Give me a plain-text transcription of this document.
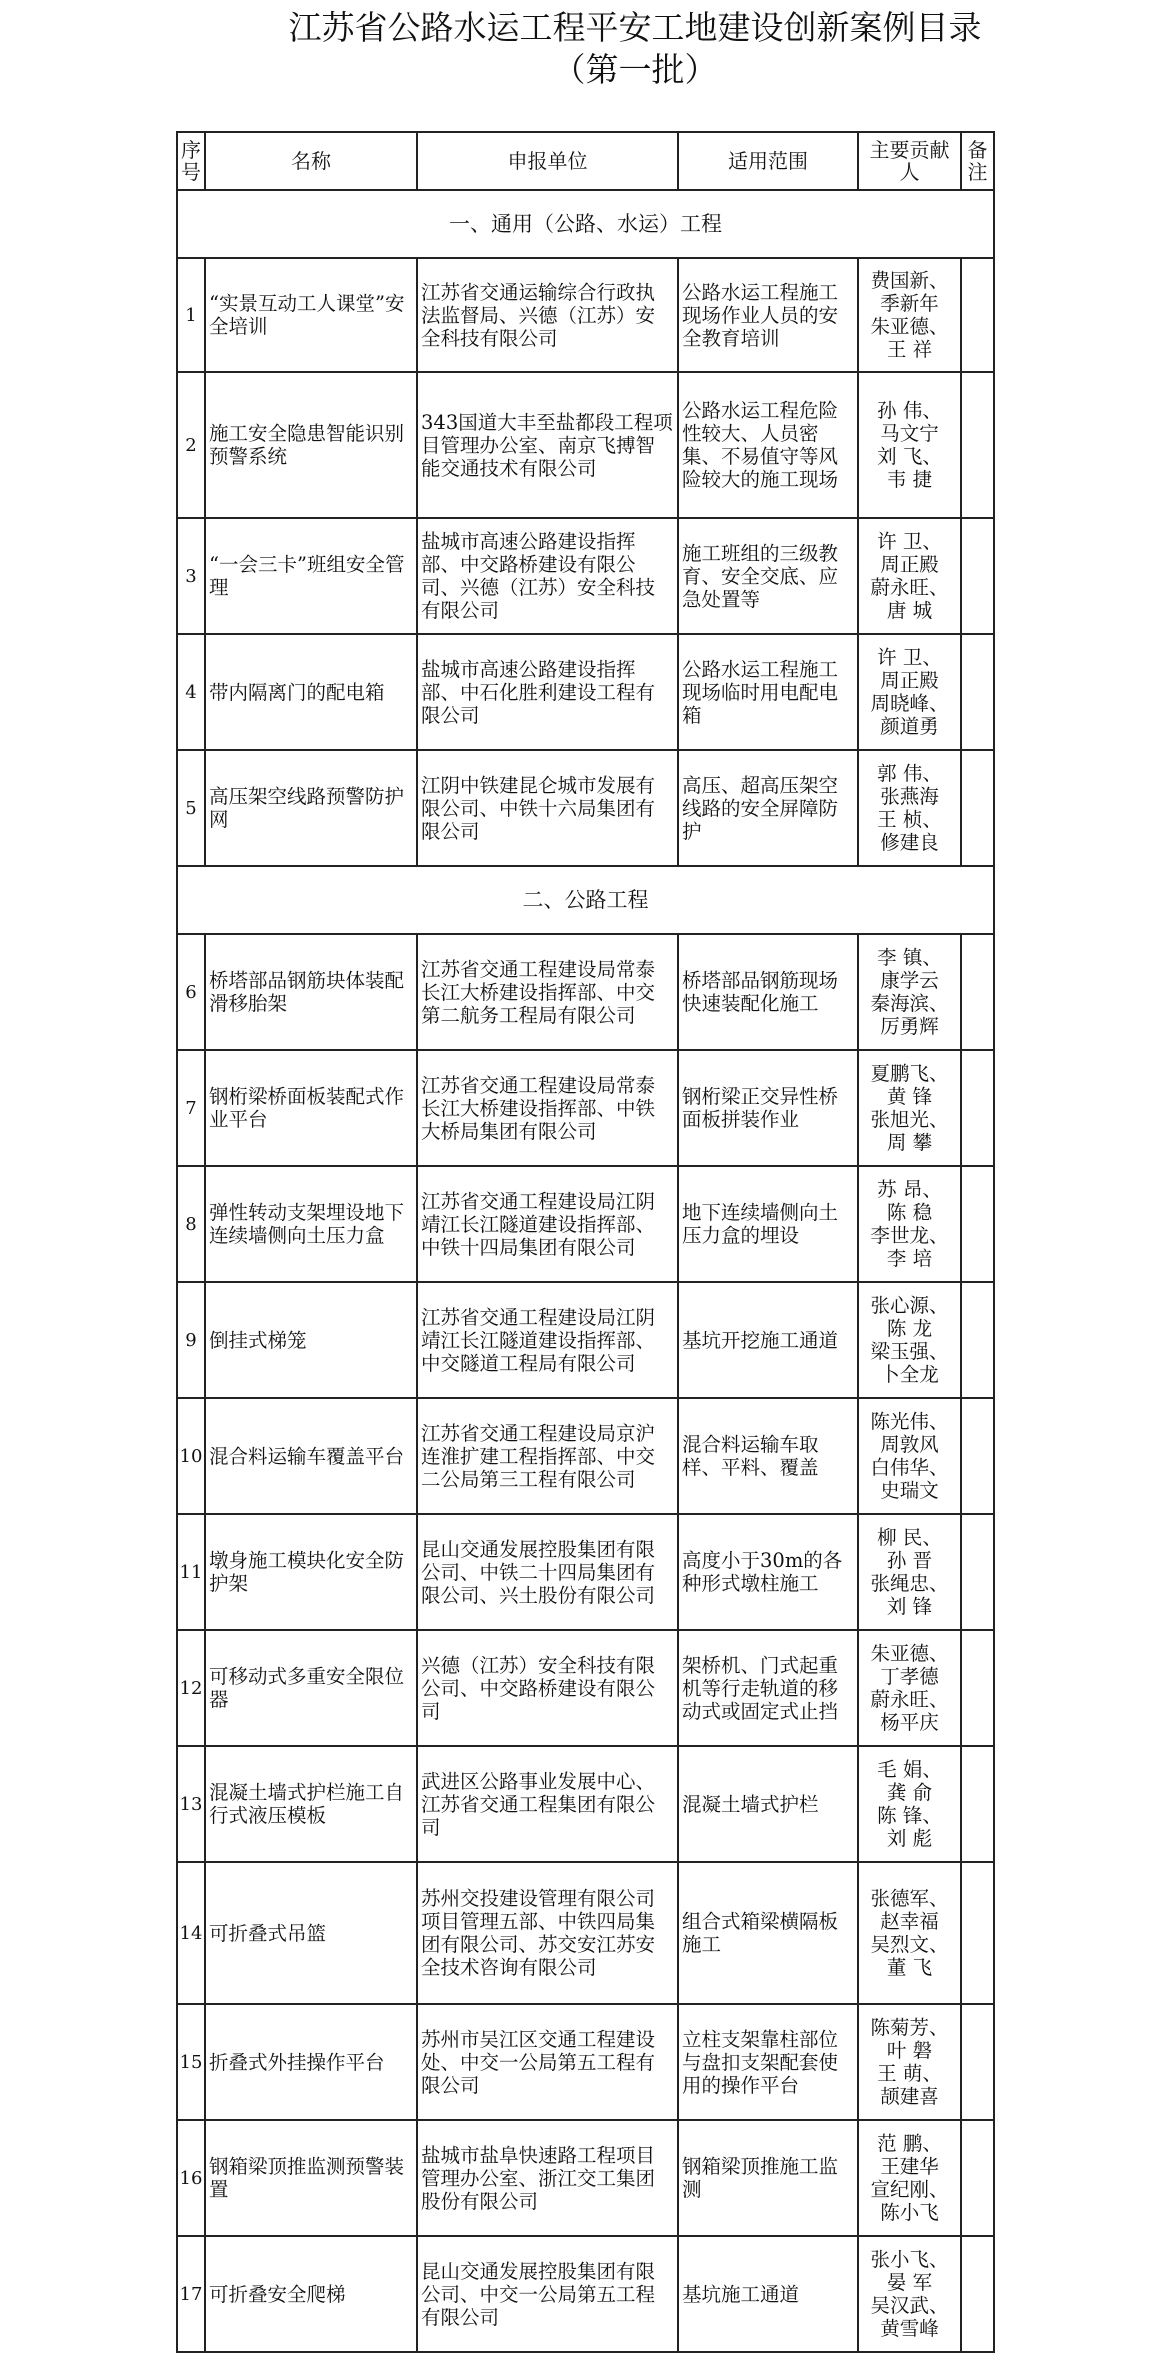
江苏省公路水运工程平安工地建设创新案例目录
（第一批）
序号	名称	申报单位	适用范围	主要贡献人	备注
一、通用（公路、水运）工程					
1	“实景互动工人课堂”安全培训	江苏省交通运输综合行政执法监督局、兴德（江苏）安全科技有限公司	公路水运工程施工现场作业人员的安全教育培训	费国新、
季新年
朱亚德、
王 祥	

2	施工安全隐患智能识别预警系统	343国道大丰至盐都段工程项目管理办公室、南京飞搏智能交通技术有限公司	公路水运工程危险性较大、人员密集、不易值守等风险较大的施工现场	孙 伟、
马文宁
刘 飞、
韦 捷	

3	“一会三卡”班组安全管理	盐城市高速公路建设指挥部、中交路桥建设有限公司、兴德（江苏）安全科技有限公司	施工班组的三级教育、安全交底、应急处置等	许 卫、
周正殿
蔚永旺、
唐 城	

4	带内隔离门的配电箱	盐城市高速公路建设指挥部、中石化胜利建设工程有限公司	公路水运工程施工现场临时用电配电箱	许 卫、
周正殿
周晓峰、
颜道勇	

5	高压架空线路预警防护网	江阴中铁建昆仑城市发展有限公司、中铁十六局集团有限公司	高压、超高压架空线路的安全屏障防护	郭 伟、
张燕海
王 桢、
修建良	

二、公路工程					
6	桥塔部品钢筋块体装配滑移胎架	江苏省交通工程建设局常泰长江大桥建设指挥部、中交第二航务工程局有限公司	桥塔部品钢筋现场快速装配化施工	李 镇、
康学云
秦海滨、
厉勇辉	

7	钢桁梁桥面板装配式作业平台	江苏省交通工程建设局常泰长江大桥建设指挥部、中铁大桥局集团有限公司	钢桁梁正交异性桥面板拼装作业	夏鹏飞、
黄 锋
张旭光、
周 攀	

8	弹性转动支架埋设地下连续墙侧向土压力盒	江苏省交通工程建设局江阴靖江长江隧道建设指挥部、中铁十四局集团有限公司	地下连续墙侧向土压力盒的埋设	苏 昂、
陈 稳
李世龙、
李 培	

9	倒挂式梯笼	江苏省交通工程建设局江阴靖江长江隧道建设指挥部、中交隧道工程局有限公司	基坑开挖施工通道	张心源、
陈 龙
梁玉强、
卜全龙	

10	混合料运输车覆盖平台	江苏省交通工程建设局京沪连淮扩建工程指挥部、中交二公局第三工程有限公司	混合料运输车取样、平料、覆盖	陈光伟、
周敦风
白伟华、
史瑞文	

11	墩身施工模块化安全防护架	昆山交通发展控股集团有限公司、中铁二十四局集团有限公司、兴土股份有限公司	高度小于30m的各种形式墩柱施工	柳 民、
孙 晋
张绳忠、
刘 锋	

12	可移动式多重安全限位器	兴德（江苏）安全科技有限公司、中交路桥建设有限公司	架桥机、门式起重机等行走轨道的移动式或固定式止挡	朱亚德、
丁孝德
蔚永旺、
杨平庆	

13	混凝土墙式护栏施工自行式液压模板	武进区公路事业发展中心、江苏省交通工程集团有限公司	混凝土墙式护栏	毛 娟、
龚 俞
陈 锋、
刘 彪	

14	可折叠式吊篮	苏州交投建设管理有限公司项目管理五部、中铁四局集团有限公司、苏交安江苏安全技术咨询有限公司	组合式箱梁横隔板施工	张德军、
赵幸福
吴烈文、
董 飞	

15	折叠式外挂操作平台	苏州市吴江区交通工程建设处、中交一公局第五工程有限公司	立柱支架靠柱部位与盘扣支架配套使用的操作平台	陈菊芳、
叶 磐
王 萌、
颉建喜	

16	钢箱梁顶推监测预警装置	盐城市盐阜快速路工程项目管理办公室、浙江交工集团股份有限公司	钢箱梁顶推施工监测	范 鹏、
王建华
宣纪刚、
陈小飞	

17	可折叠安全爬梯	昆山交通发展控股集团有限公司、中交一公局第五工程有限公司	基坑施工通道	张小飞、
晏 军
吴汉武、
黄雪峰	
